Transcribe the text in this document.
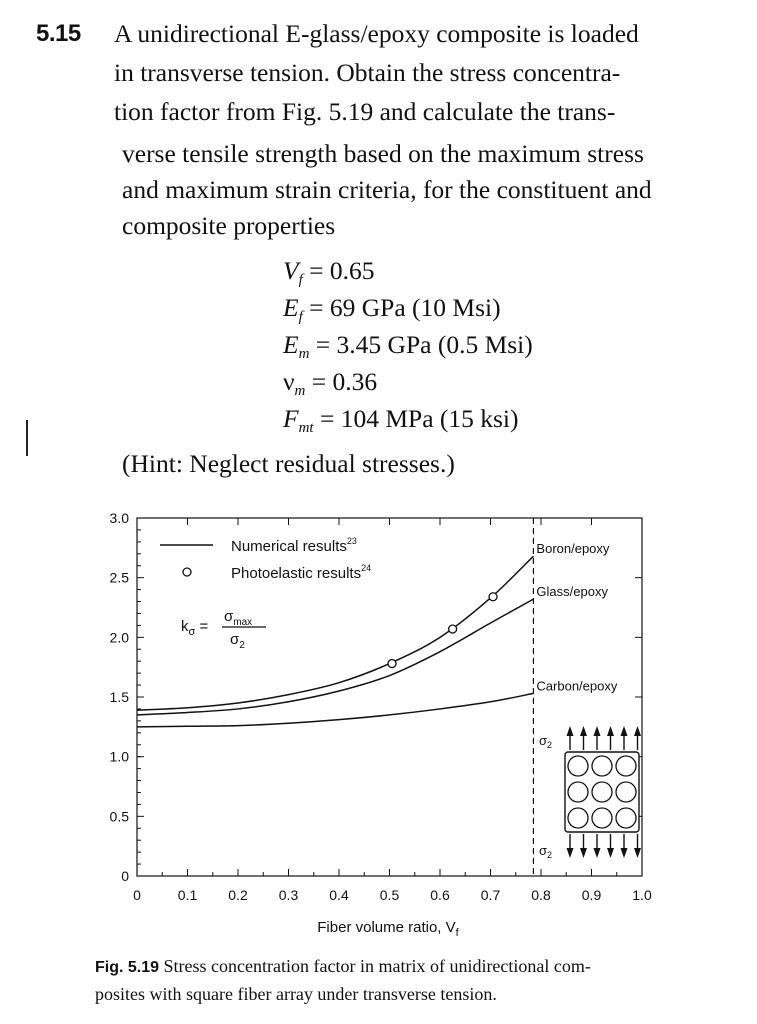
5.15 A unidirectional E-glass/epoxy composite is loaded
in transverse tension. Obtain the stress concentra-
tion factor from Fig. 5.19 and calculate the trans-
verse tensile strength based on the maximum stress
and maximum strain criteria, for the constituent and
composite properties
$V_f = 0.65$
$E_f = 69$ GPa (10 Msi)
$E_m = 3.45$ GPa (0.5 Msi)
$\nu_m = 0.36$
$F_{mt} = 104$ MPa (15 ksi)
(Hint: Neglect residual stresses.)
0	0.1 0.2 0.3 0.4 0.5 0.6 0.7 0.8 0.9 1.0
0
0.5
1.0
1.5
2.0
2.5
3.0
Boron/epoxy
Glass/epoxy
Carbon/epoxy
Fiber volume ratio, $V_f$
Numerical results$^{23}$
Photoelastic results$^{24}$
$k_\sigma$ =
$\sigma_{max}$
$\sigma_2$
$\sigma_2$
$\sigma_2$
Fig. 5.19 Stress concentration factor in matrix of unidirectional com-
posites with square fiber array under transverse tension.
